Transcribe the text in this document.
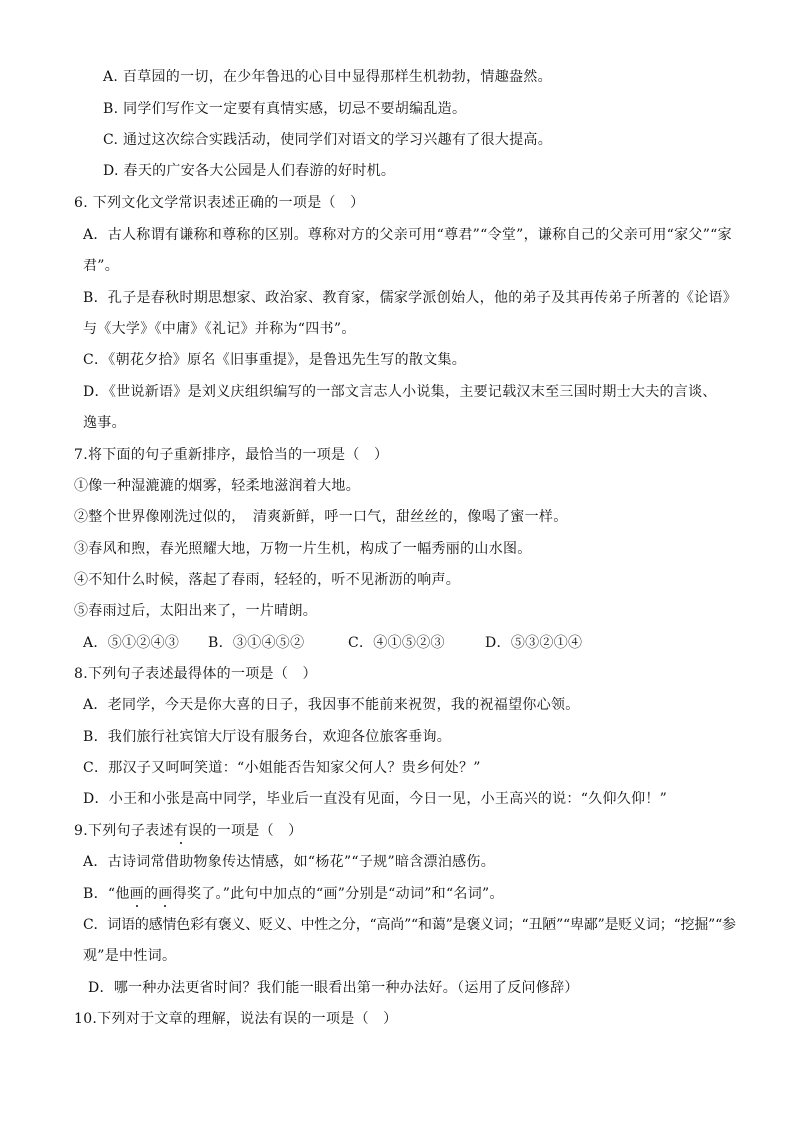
A. 百草园的一切，在少年鲁迅的心目中显得那样生机勃勃，情趣盎然。
B. 同学们写作文一定要有真情实感，切忌不要胡编乱造。
C. 通过这次综合实践活动，使同学们对语文的学习兴趣有了很大提高。
D. 春天的广安各大公园是人们春游的好时机。
6. 下列文化文学常识表述正确的一项是（　）
A．古人称谓有谦称和尊称的区别。尊称对方的父亲可用“尊君”“令堂”，谦称自己的父亲可用“家父”“家
君”。
B．孔子是春秋时期思想家、政治家、教育家，儒家学派创始人，他的弟子及其再传弟子所著的《论语》
与《大学》《中庸》《礼记》并称为“四书”。
C．《朝花夕拾》原名《旧事重提》，是鲁迅先生写的散文集。
D．《世说新语》是刘义庆组织编写的一部文言志人小说集，主要记载汉末至三国时期士大夫的言谈、
逸事。
7.将下面的句子重新排序，最恰当的一项是（　）
①像一种湿漉漉的烟雾，轻柔地滋润着大地。
②整个世界像刚洗过似的，　清爽新鲜，呼一口气，甜丝丝的，像喝了蜜一样。
③春风和煦，春光照耀大地，万物一片生机，构成了一幅秀丽的山水图。
④不知什么时候，落起了春雨，轻轻的，听不见淅沥的响声。
⑤春雨过后，太阳出来了，一片晴朗。
A．⑤①②④③ B．③①④⑤②	C．④①⑤②③	D．⑤③②①④
8.下列句子表述最得体的一项是（　）
A．老同学，今天是你大喜的日子，我因事不能前来祝贺，我的祝福望你心领。
B．我们旅行社宾馆大厅设有服务台，欢迎各位旅客垂询。
C．那汉子又呵呵笑道：“小姐能否告知家父何人？贵乡何处？”
D．小王和小张是高中同学，毕业后一直没有见面，今日一见，小王高兴的说：“久仰久仰！”
9.下列句子表述有误的一项是（　）
A．古诗词常借助物象传达情感，如“杨花”“子规”暗含漂泊感伤。
B．“他画的画得奖了。”此句中加点的“画”分别是“动词”和“名词”。
C．词语的感情色彩有褒义、贬义、中性之分，“高尚”“和蔼”是褒义词；“丑陋”“卑鄙”是贬义词；“挖掘”“参
观”是中性词。
D．哪一种办法更省时间？我们能一眼看出第一种办法好。（运用了反问修辞）
10.下列对于文章的理解，说法有误的一项是（　）
